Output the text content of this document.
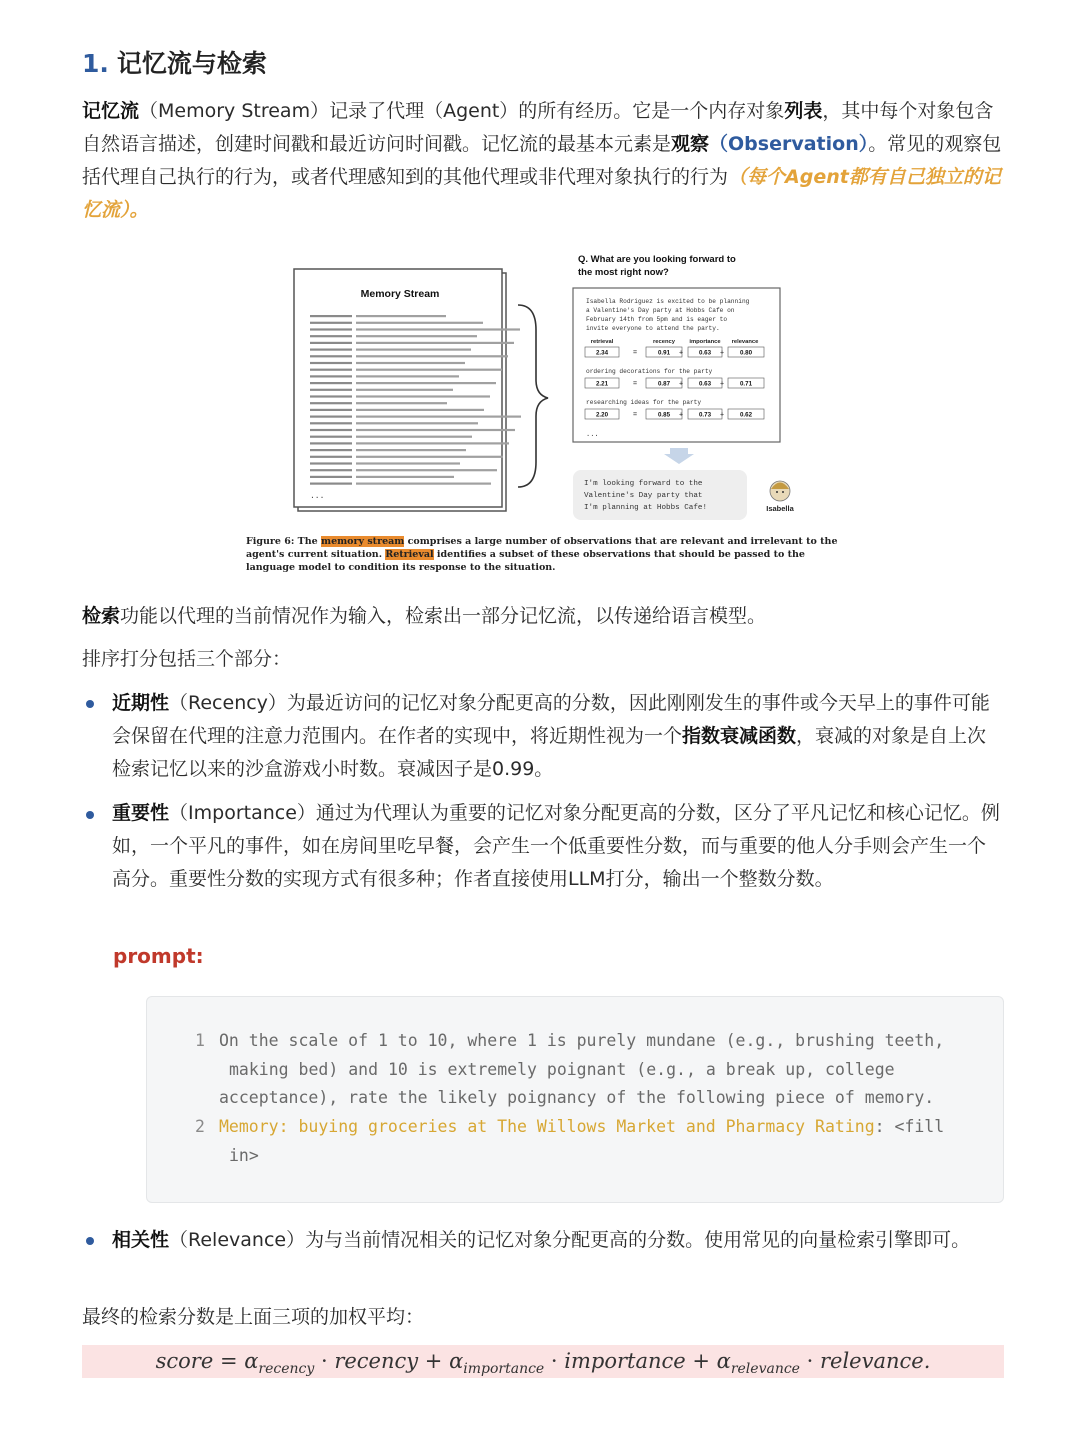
1. 记忆流与检索
记忆流（Memory Stream）记录了代理（Agent）的所有经历。它是一个内存对象列表，其中每个对象包含自然语言描述，创建时间戳和最近访问时间戳。记忆流的最基本元素是观察（Observation）。常见的观察包括代理自己执行的行为，或者代理感知到的其他代理或非代理对象执行的行为（每个Agent都有自己独立的记忆流）。
Memory Stream
...
Q. What are you looking forward to the most right now?
Isabella Rodriguez is excited to be planning a Valentine's Day party at Hobbs Cafe on February 14th from 5pm and is eager to invite everyone to attend the party.
retrieval	recency importance relevance
2.34	0.91	0.63	0.80
=	+	+
ordering decorations for the party
2.21	0.87	0.63	0.71
=	+	+
researching ideas for the party
2.20	0.85	0.73	0.62
=	+	+
...
I'm looking forward to the Valentine's Day party that I'm planning at Hobbs Cafe!	Isabella
Figure 6: The memory stream comprises a large number of observations that are relevant and irrelevant to the agent's current situation. Retrieval identifies a subset of these observations that should be passed to the language model to condition its response to the situation.
检索功能以代理的当前情况作为输入，检索出一部分记忆流，以传递给语言模型。
排序打分包括三个部分：
近期性（Recency）为最近访问的记忆对象分配更高的分数，因此刚刚发生的事件或今天早上的事件可能会保留在代理的注意力范围内。在作者的实现中，将近期性视为一个指数衰减函数，衰减的对象是自上次检索记忆以来的沙盒游戏小时数。衰减因子是0.99。
重要性（Importance）通过为代理认为重要的记忆对象分配更高的分数，区分了平凡记忆和核心记忆。例如，一个平凡的事件，如在房间里吃早餐，会产生一个低重要性分数，而与重要的他人分手则会产生一个高分。重要性分数的实现方式有很多种；作者直接使用LLM打分，输出一个整数分数。
prompt:
1 On the scale of 1 to 10, where 1 is purely mundane (e.g., brushing teeth,
making bed) and 10 is extremely poignant (e.g., a break up, college
acceptance), rate the likely poignancy of the following piece of memory.
2 Memory: buying groceries at The Willows Market and Pharmacy Rating: <fill
in>
相关性（Relevance）为与当前情况相关的记忆对象分配更高的分数。使用常见的向量检索引擎即可。
最终的检索分数是上面三项的加权平均：
score = $\alpha_{recency}$ · recency + $\alpha_{importance}$ · importance + $\alpha_{relevance}$ · relevance.
